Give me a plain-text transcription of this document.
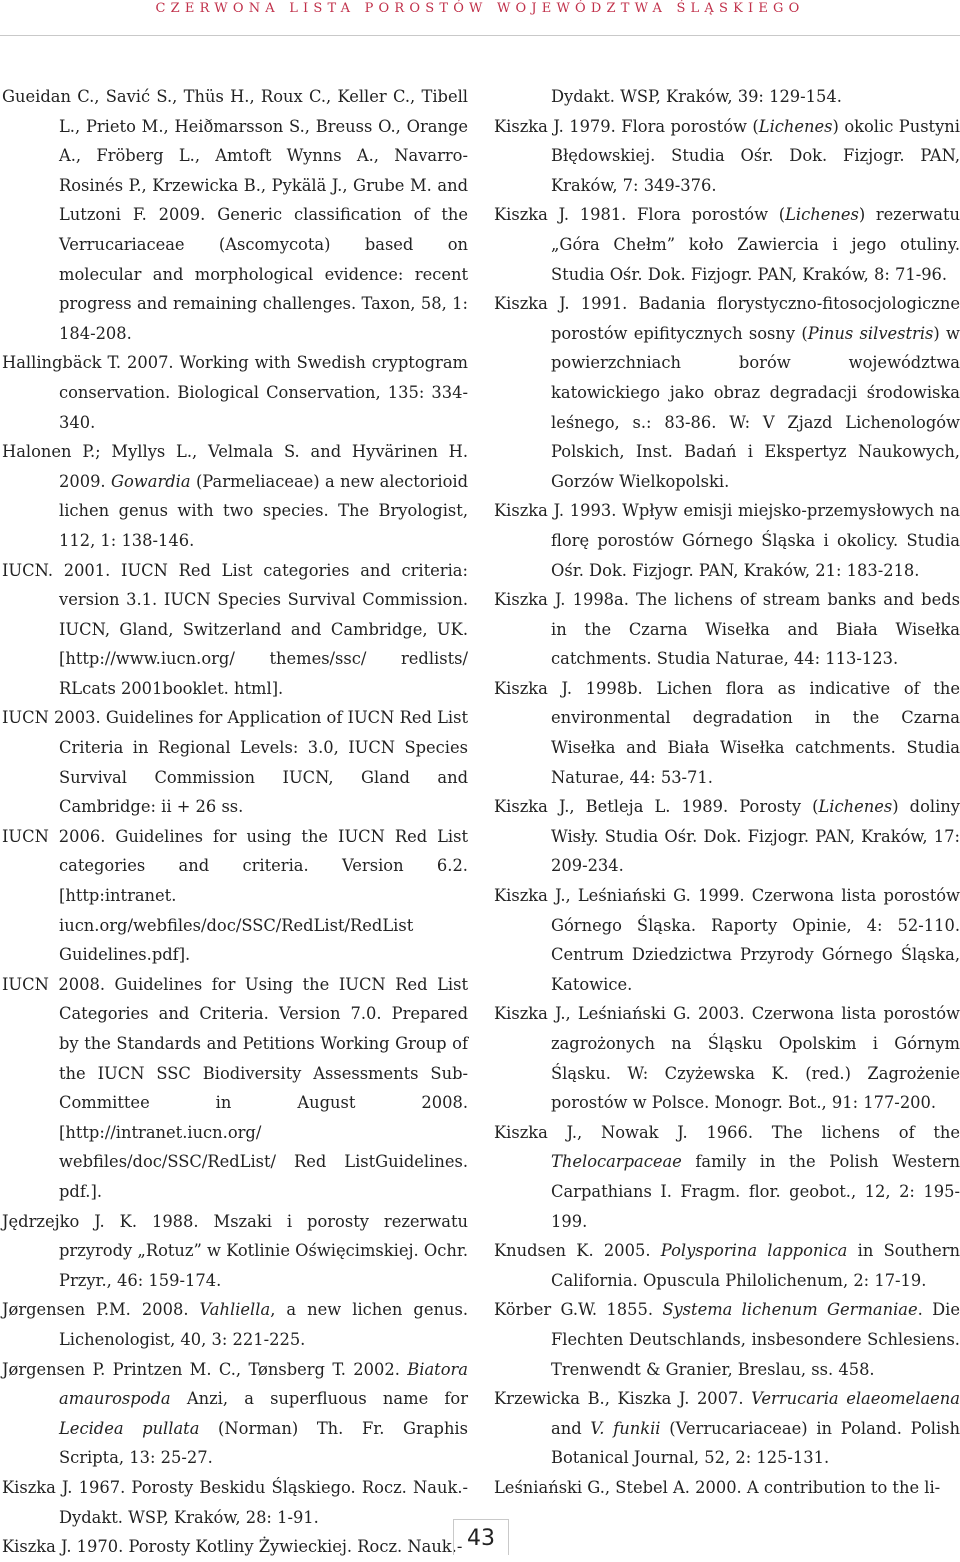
CZERWONA LISTA POROSTÓW WOJEWÓDZTWA ŚLĄSKIEGO

Gueidan C., Savić S., Thüs H., Roux C., Keller C., Tibell L., Prieto M., Heiðmarsson S., Breuss O., Orange A., Fröberg L., Amtoft Wynns A., Navarro-Rosinés P., Krzewicka B., Pykälä J., Grube M. and Lutzoni F. 2009. Generic classification of the Verrucariaceae (Ascomycota) based on molecular and morphological evidence: recent progress and remaining challenges. Taxon, 58, 1: 184-208.

Hallingbäck T. 2007. Working with Swedish cryptogram conservation. Biological Conservation, 135: 334-340.

Halonen P.; Myllys L., Velmala S. and Hyvärinen H. 2009. Gowardia (Parmeliaceae) a new alectorioid lichen genus with two species. The Bryologist, 112, 1: 138-146.

IUCN. 2001. IUCN Red List categories and criteria: version 3.1. IUCN Species Survival Commission. IUCN, Gland, Switzerland and Cambridge, UK. [http://www.iucn.org/ themes/ssc/ redlists/ RLcats 2001booklet. html].

IUCN 2003. Guidelines for Application of IUCN Red List Criteria in Regional Levels: 3.0, IUCN Species Survival Commission IUCN, Gland and Cambridge: ii + 26 ss.

IUCN 2006. Guidelines for using the IUCN Red List categories and criteria. Version 6.2. [http:intranet. iucn.org/webfiles/doc/SSC/RedList/RedList Guidelines.pdf].

IUCN 2008. Guidelines for Using the IUCN Red List Categories and Criteria. Version 7.0. Prepared by the Standards and Petitions Working Group of the IUCN SSC Biodiversity Assessments Sub-Committee in August 2008. [http://intranet.iucn.org/ webfiles/doc/SSC/RedList/ Red ListGuidelines. pdf.].

Jędrzejko J. K. 1988. Mszaki i porosty rezerwatu przyrody „Rotuz” w Kotlinie Oświęcimskiej. Ochr. Przyr., 46: 159-174.

Jørgensen P.M. 2008. Vahliella, a new lichen genus. Lichenologist, 40, 3: 221-225.

Jørgensen P. Printzen M. C., Tønsberg T. 2002. Biatora amaurospoda Anzi, a superfluous name for Lecidea pullata (Norman) Th. Fr. Graphis Scripta, 13: 25-27.

Kiszka J. 1967. Porosty Beskidu Śląskiego. Rocz. Nauk.-Dydakt. WSP, Kraków, 28: 1-91.

Kiszka J. 1970. Porosty Kotliny Żywieckiej. Rocz. Nauk.-

Dydakt. WSP, Kraków, 39: 129-154.

Kiszka J. 1979. Flora porostów (Lichenes) okolic Pustyni Błędowskiej. Studia Ośr. Dok. Fizjogr. PAN, Kraków, 7: 349-376.

Kiszka J. 1981. Flora porostów (Lichenes) rezerwatu „Góra Chełm” koło Zawiercia i jego otuliny. Studia Ośr. Dok. Fizjogr. PAN, Kraków, 8: 71-96.

Kiszka J. 1991. Badania florystyczno-fitosocjologiczne porostów epifitycznych sosny (Pinus silvestris) w powierzchniach borów województwa katowickiego jako obraz degradacji środowiska leśnego, s.: 83-86. W: V Zjazd Lichenologów Polskich, Inst. Badań i Ekspertyz Naukowych, Gorzów Wielkopolski.

Kiszka J. 1993. Wpływ emisji miejsko-przemysłowych na florę porostów Górnego Śląska i okolicy. Studia Ośr. Dok. Fizjogr. PAN, Kraków, 21: 183-218.

Kiszka J. 1998a. The lichens of stream banks and beds in the Czarna Wisełka and Biała Wisełka catchments. Studia Naturae, 44: 113-123.

Kiszka J. 1998b. Lichen flora as indicative of the environmental degradation in the Czarna Wisełka and Biała Wisełka catchments. Studia Naturae, 44: 53-71.

Kiszka J., Betleja L. 1989. Porosty (Lichenes) doliny Wisły. Studia Ośr. Dok. Fizjogr. PAN, Kraków, 17: 209-234.

Kiszka J., Leśniański G. 1999. Czerwona lista porostów Górnego Śląska. Raporty Opinie, 4: 52-110. Centrum Dziedzictwa Przyrody Górnego Śląska, Katowice.

Kiszka J., Leśniański G. 2003. Czerwona lista porostów zagrożonych na Śląsku Opolskim i Górnym Śląsku. W: Czyżewska K. (red.) Zagrożenie porostów w Polsce. Monogr. Bot., 91: 177-200.

Kiszka J., Nowak J. 1966. The lichens of the Thelocarpaceae family in the Polish Western Carpathians I. Fragm. flor. geobot., 12, 2: 195-199.

Knudsen K. 2005. Polysporina lapponica in Southern California. Opuscula Philolichenum, 2: 17-19.

Körber G.W. 1855. Systema lichenum Germaniae. Die Flechten Deutschlands, insbesondere Schlesiens. Trenwendt & Granier, Breslau, ss. 458.

Krzewicka B., Kiszka J. 2007. Verrucaria elaeomelaena and V. funkii (Verrucariaceae) in Poland. Polish Botanical Journal, 52, 2: 125-131.

Leśniański G., Stebel A. 2000. A contribution to the li-

43
